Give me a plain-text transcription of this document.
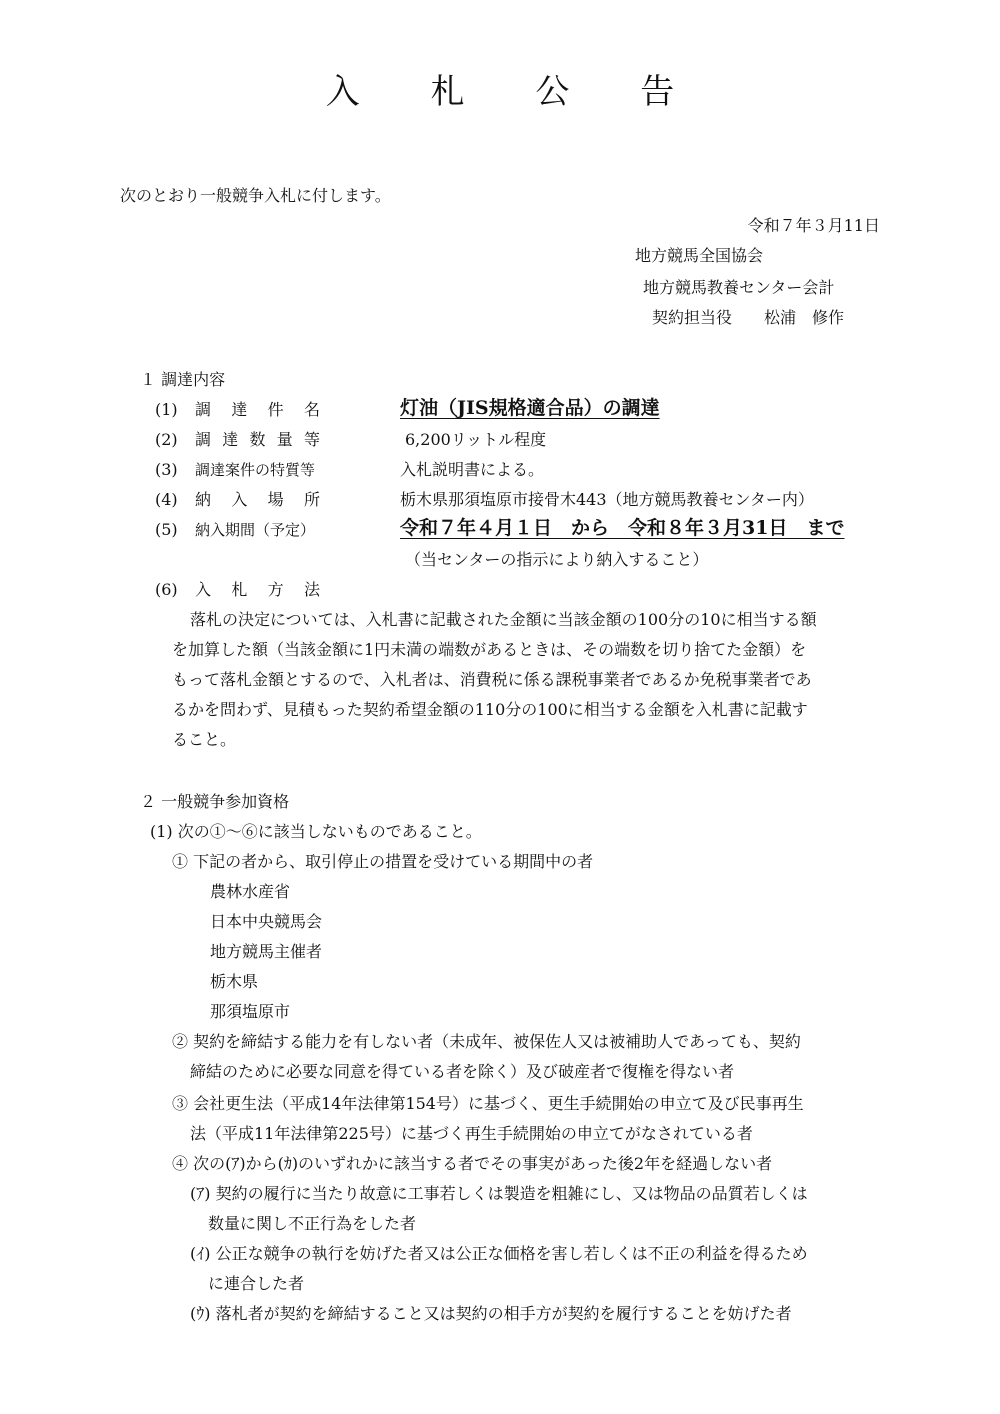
入 札 公 告
次のとおり一般競争入札に付します。
令和７年３月11日
地方競馬全国協会
地方競馬教養センター会計
契約担当役　　松浦　修作
１ 調達内容
(1) 調達件名	灯油（JIS規格適合品）の調達
(2) 調達数量等	6,200リットル程度
(3) 調達案件の特質等	入札説明書による。
(4) 納入場所	栃木県那須塩原市接骨木443（地方競馬教養センター内）
(5) 納入期間（予定）	令和７年４月１日　から　令和８年３月31日　まで
（当センターの指示により納入すること）
(6) 入札方法
落札の決定については、入札書に記載された金額に当該金額の100分の10に相当する額
を加算した額（当該金額に1円未満の端数があるときは、その端数を切り捨てた金額）を
もって落札金額とするので、入札者は、消費税に係る課税事業者であるか免税事業者であ
るかを問わず、見積もった契約希望金額の110分の100に相当する金額を入札書に記載す
ること。
２ 一般競争参加資格
(1) 次の①～⑥に該当しないものであること。
① 下記の者から、取引停止の措置を受けている期間中の者
農林水産省
日本中央競馬会
地方競馬主催者
栃木県
那須塩原市
② 契約を締結する能力を有しない者（未成年、被保佐人又は被補助人であっても、契約
締結のために必要な同意を得ている者を除く）及び破産者で復権を得ない者
③ 会社更生法（平成14年法律第154号）に基づく、更生手続開始の申立て及び民事再生
法（平成11年法律第225号）に基づく再生手続開始の申立てがなされている者
④ 次の(ｱ)から(ｶ)のいずれかに該当する者でその事実があった後2年を経過しない者
(ｱ) 契約の履行に当たり故意に工事若しくは製造を粗雑にし、又は物品の品質若しくは
数量に関し不正行為をした者
(ｲ) 公正な競争の執行を妨げた者又は公正な価格を害し若しくは不正の利益を得るため
に連合した者
(ｳ) 落札者が契約を締結すること又は契約の相手方が契約を履行することを妨げた者
